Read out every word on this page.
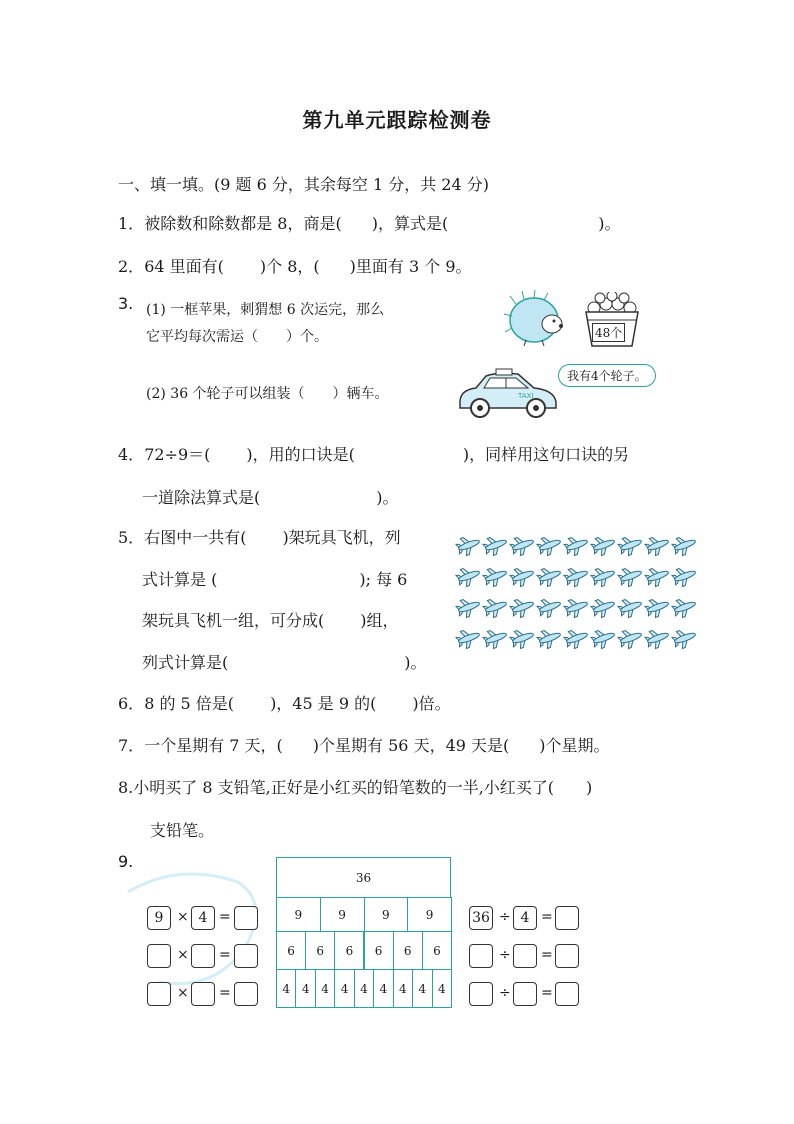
第九单元跟踪检测卷
一、填一填。(9 题 6 分，其余每空 1 分，共 24 分)
1．被除数和除数都是 8，商是( )，算式是(	)。
2．64 里面有( )个 8，( )里面有 3 个 9。
3. (1) 一框苹果，刺猬想 6 次运完，那么
它平均每次需运（　　）个。
(2) 36 个轮子可以组装（　　）辆车。
48个
TAXI
我有4个轮子。
4．72÷9＝( )，用的口诀是(	)，同样用这句口诀的另
一道除法算式是(	)。
5．右图中一共有( )架玩具飞机，列
式计算是 (	); 每 6
架玩具飞机一组，可分成( )组，
列式计算是(	)。
6．8 的 5 倍是( )，45 是 9 的( )倍。
7．一个星期有 7 天，( )个星期有 56 天，49 天是( )个星期。
8.小明买了 8 支铅笔,正好是小红买的铅笔数的一半,小红买了(　　)
支铅笔。
9.
36
9	9	9	9
6	6	6	6	6	6
4 4 4 4 4 4 4 4 4
9 × 4 =	36 ÷ 4 =
× =	÷ =
× =	÷ =
